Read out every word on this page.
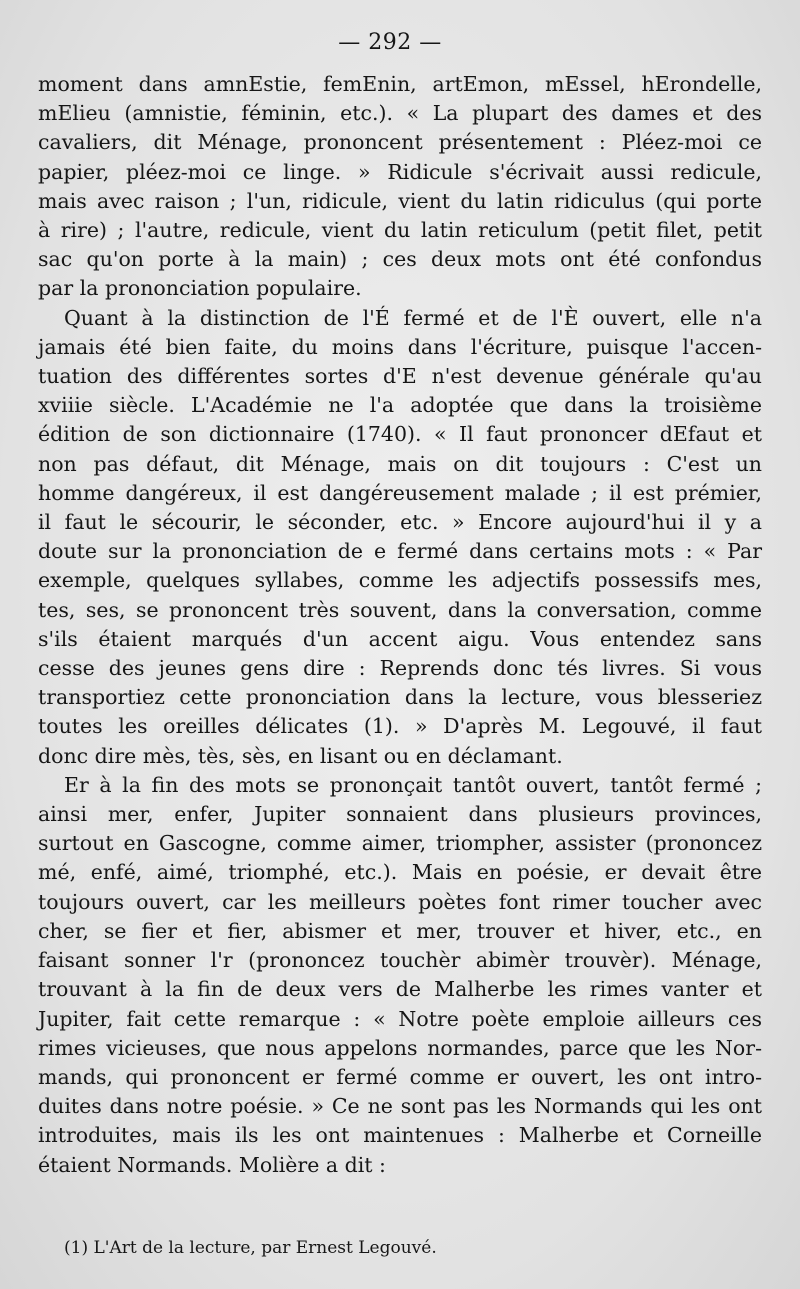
— 292 —
moment dans amnEstie, femEnin, artEmon, mEssel, hErondelle,
mElieu (amnistie, féminin, etc.). « La plupart des dames et des
cavaliers, dit Ménage, prononcent présentement : Pléez-moi ce
papier, pléez-moi ce linge. » Ridicule s'écrivait aussi redicule,
mais avec raison ; l'un, ridicule, vient du latin ridiculus (qui porte
à rire) ; l'autre, redicule, vient du latin reticulum (petit filet, petit
sac qu'on porte à la main) ; ces deux mots ont été confondus
par la prononciation populaire.
Quant à la distinction de l'É fermé et de l'È ouvert, elle n'a
jamais été bien faite, du moins dans l'écriture, puisque l'accen-
tuation des différentes sortes d'E n'est devenue générale qu'au
xviiie siècle. L'Académie ne l'a adoptée que dans la troisième
édition de son dictionnaire (1740). « Il faut prononcer dEfaut et
non pas défaut, dit Ménage, mais on dit toujours : C'est un
homme dangéreux, il est dangéreusement malade ; il est prémier,
il faut le sécourir, le séconder, etc. » Encore aujourd'hui il y a
doute sur la prononciation de e fermé dans certains mots : « Par
exemple, quelques syllabes, comme les adjectifs possessifs mes,
tes, ses, se prononcent très souvent, dans la conversation, comme
s'ils étaient marqués d'un accent aigu. Vous entendez sans
cesse des jeunes gens dire : Reprends donc tés livres. Si vous
transportiez cette prononciation dans la lecture, vous blesseriez
toutes les oreilles délicates (1). » D'après M. Legouvé, il faut
donc dire mès, tès, sès, en lisant ou en déclamant.
Er à la fin des mots se prononçait tantôt ouvert, tantôt fermé ;
ainsi mer, enfer, Jupiter sonnaient dans plusieurs provinces,
surtout en Gascogne, comme aimer, triompher, assister (prononcez
mé, enfé, aimé, triomphé, etc.). Mais en poésie, er devait être
toujours ouvert, car les meilleurs poètes font rimer toucher avec
cher, se fier et fier, abismer et mer, trouver et hiver, etc., en
faisant sonner l'r (prononcez touchèr abimèr trouvèr). Ménage,
trouvant à la fin de deux vers de Malherbe les rimes vanter et
Jupiter, fait cette remarque : « Notre poète emploie ailleurs ces
rimes vicieuses, que nous appelons normandes, parce que les Nor-
mands, qui prononcent er fermé comme er ouvert, les ont intro-
duites dans notre poésie. » Ce ne sont pas les Normands qui les ont
introduites, mais ils les ont maintenues : Malherbe et Corneille
étaient Normands. Molière a dit :
(1) L'Art de la lecture, par Ernest Legouvé.
